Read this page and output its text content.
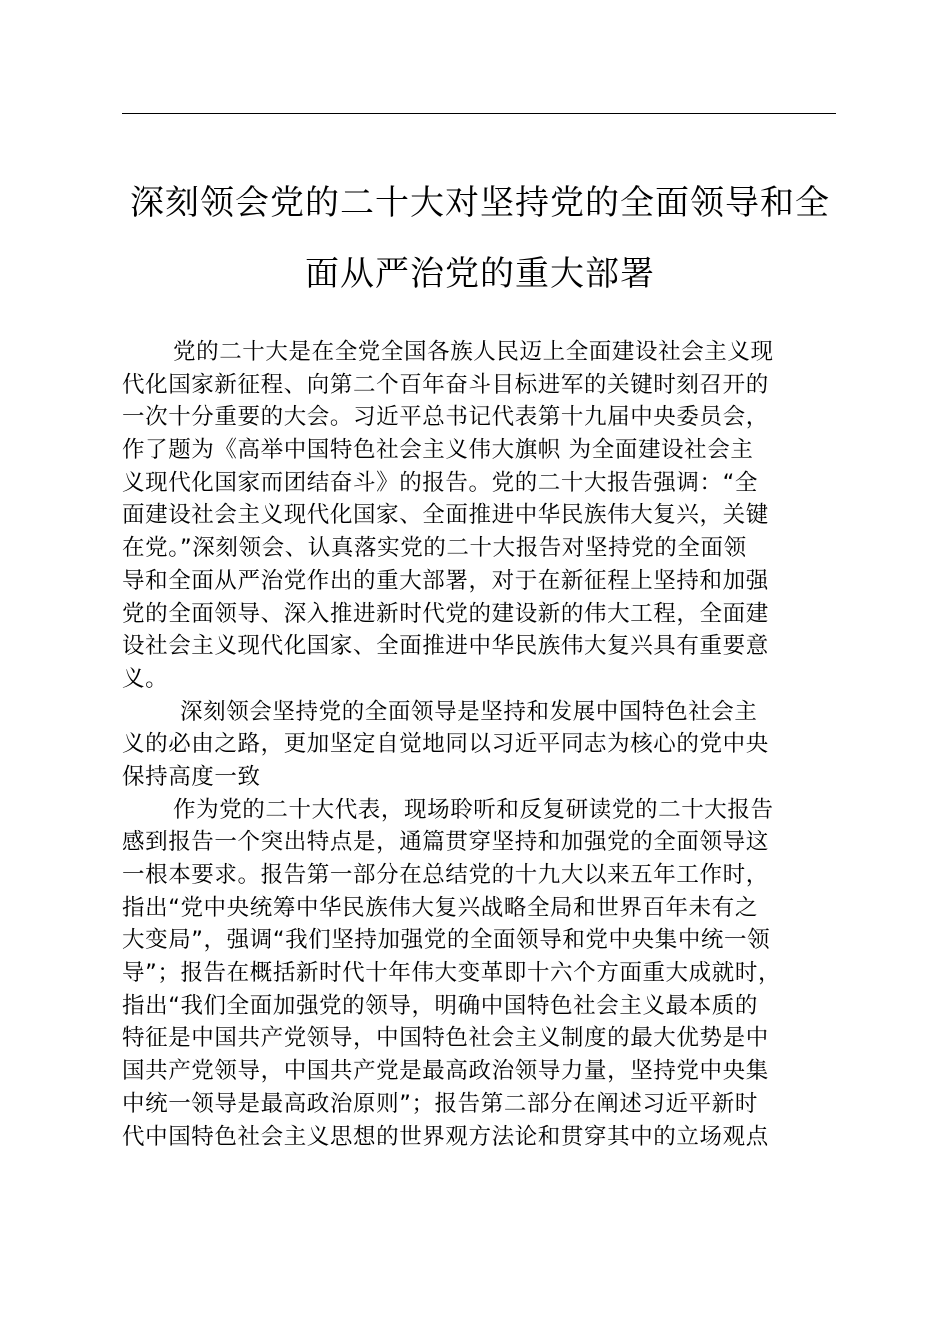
深刻领会党的二十大对坚持党的全面领导和全
面从严治党的重大部署
党的二十大是在全党全国各族人民迈上全面建设社会主义现
代化国家新征程、向第二个百年奋斗目标进军的关键时刻召开的
一次十分重要的大会。习近平总书记代表第十九届中央委员会，
作了题为《高举中国特色社会主义伟大旗帜 为全面建设社会主
义现代化国家而团结奋斗》的报告。党的二十大报告强调：“全
面建设社会主义现代化国家、全面推进中华民族伟大复兴，关键
在党。”深刻领会、认真落实党的二十大报告对坚持党的全面领
导和全面从严治党作出的重大部署，对于在新征程上坚持和加强
党的全面领导、深入推进新时代党的建设新的伟大工程，全面建
设社会主义现代化国家、全面推进中华民族伟大复兴具有重要意
义。
深刻领会坚持党的全面领导是坚持和发展中国特色社会主
义的必由之路，更加坚定自觉地同以习近平同志为核心的党中央
保持高度一致
作为党的二十大代表，现场聆听和反复研读党的二十大报告
感到报告一个突出特点是，通篇贯穿坚持和加强党的全面领导这
一根本要求。报告第一部分在总结党的十九大以来五年工作时，
指出“党中央统筹中华民族伟大复兴战略全局和世界百年未有之
大变局”，强调“我们坚持加强党的全面领导和党中央集中统一领
导”；报告在概括新时代十年伟大变革即十六个方面重大成就时，
指出“我们全面加强党的领导，明确中国特色社会主义最本质的
特征是中国共产党领导，中国特色社会主义制度的最大优势是中
国共产党领导，中国共产党是最高政治领导力量，坚持党中央集
中统一领导是最高政治原则”；报告第二部分在阐述习近平新时
代中国特色社会主义思想的世界观方法论和贯穿其中的立场观点
